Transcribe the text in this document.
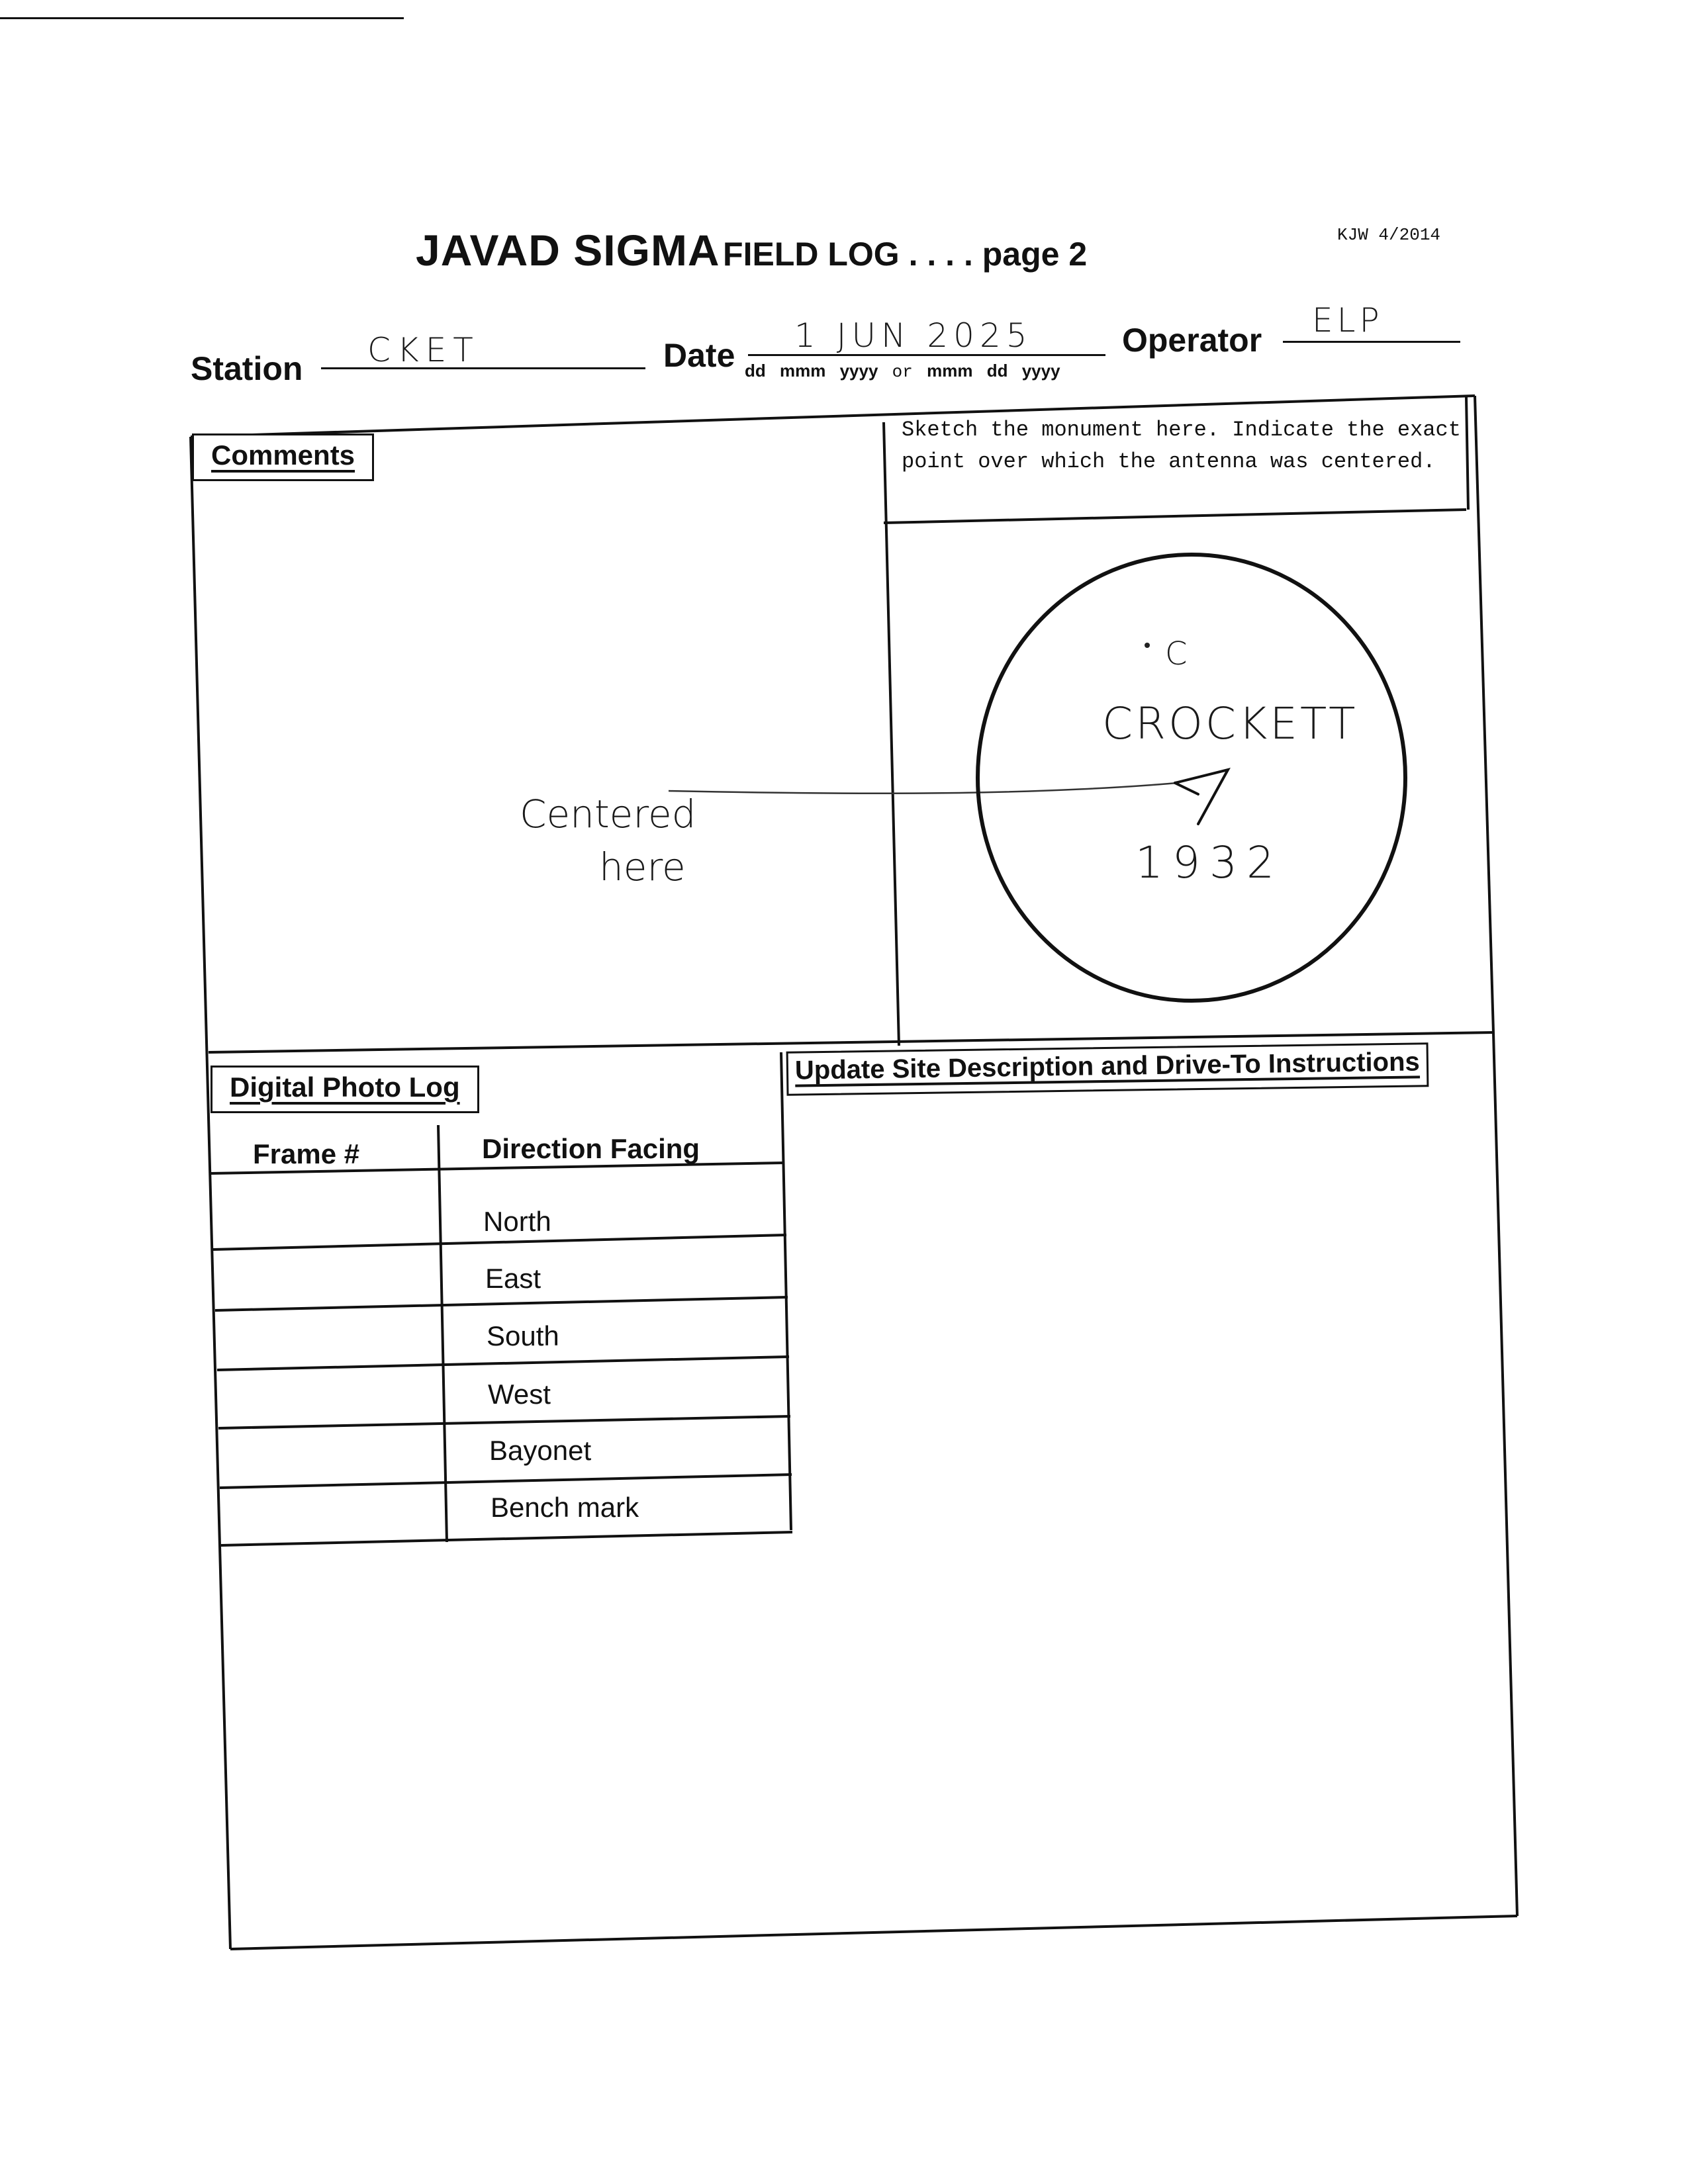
JAVAD SIGMA FIELD LOG . . . . page 2
KJW 4/2014
Station CKET	Date
1 JUN 2025
dd mmm yyyy or mmm dd yyyy
Operator
ELP
Comments
Centered
here
Sketch the monument here. Indicate the exact point over which the antenna was centered.
C
CROCKETT
1932
Digital Photo Log
Frame #	Direction Facing
North
East
South
West
Bayonet
Bench mark
Update Site Description and Drive-To Instructions
